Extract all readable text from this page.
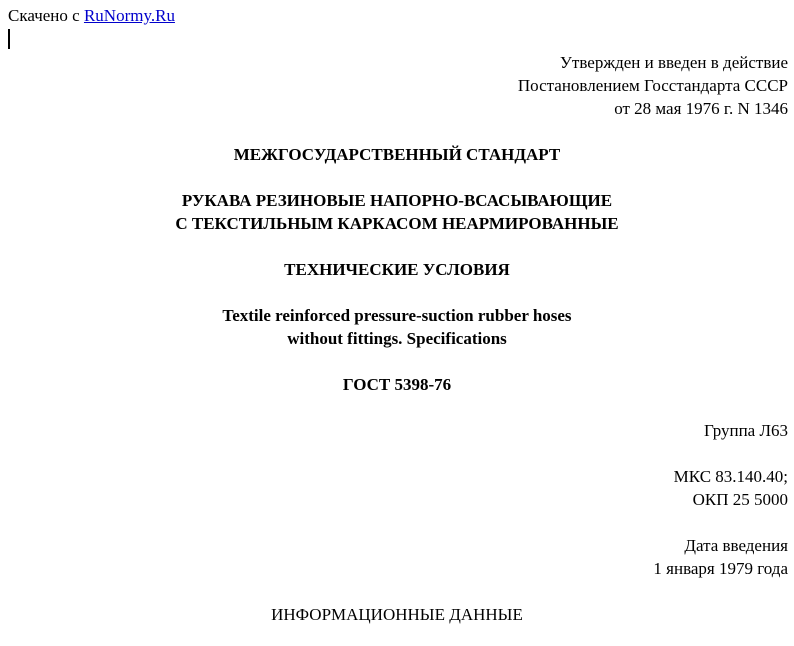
Скачено с RuNormy.Ru
Утвержден и введен в действие
Постановлением Госстандарта СССР
от 28 мая 1976 г. N 1346
МЕЖГОСУДАРСТВЕННЫЙ СТАНДАРТ
РУКАВА РЕЗИНОВЫЕ НАПОРНО-ВСАСЫВАЮЩИЕ
С ТЕКСТИЛЬНЫМ КАРКАСОМ НЕАРМИРОВАННЫЕ
ТЕХНИЧЕСКИЕ УСЛОВИЯ
Textile reinforced pressure-suction rubber hoses
without fittings. Specifications
ГОСТ 5398-76
Группа Л63
МКС 83.140.40;
ОКП 25 5000
Дата введения
1 января 1979 года
ИНФОРМАЦИОННЫЕ ДАННЫЕ
